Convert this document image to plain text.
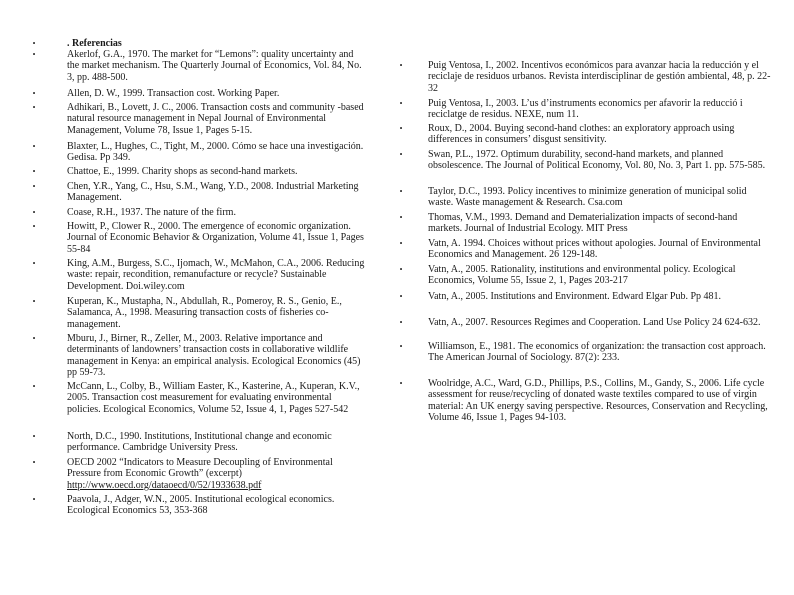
•	. Referencias
•	Akerlof, G.A., 1970. The market for “Lemons”: quality uncertainty and the market mechanism. The Quarterly Journal of Economics, Vol. 84, No. 3, pp. 488-500.
•	Allen, D. W., 1999. Transaction cost. Working Paper.
•	Adhikari, B., Lovett, J. C., 2006. Transaction costs and community -based natural resource management in Nepal Journal of Environmental Management, Volume 78, Issue 1, Pages 5-15.
•	Blaxter, L., Hughes, C., Tight, M., 2000. Cómo se hace una investigación. Gedisa. Pp 349.
•	Chattoe, E., 1999. Charity shops as second-hand markets.
•	Chen, Y.R., Yang, C., Hsu, S.M., Wang, Y.D., 2008. Industrial Marketing Management.
•	Coase, R.H., 1937. The nature of the firm.
•	Howitt, P., Clower R., 2000. The emergence of economic organization. Journal of Economic Behavior & Organization, Volume 41, Issue 1, Pages 55-84
•	King, A.M., Burgess, S.C., Ijomach, W., McMahon, C.A., 2006. Reducing waste: repair, recondition, remanufacture or recycle? Sustainable Development. Doi.wiley.com
•	Kuperan, K., Mustapha, N., Abdullah, R., Pomeroy, R. S., Genio, E., Salamanca, A., 1998. Measuring transaction costs of fisheries co-management.
•	Mburu, J., Birner, R., Zeller, M., 2003. Relative importance and determinants of landowners’ transaction costs in collaborative wildlife management in Kenya: an empirical analysis. Ecological Economics (45) pp 59-73.
•	McCann, L., Colby, B., William Easter, K., Kasterine, A., Kuperan, K.V., 2005. Transaction cost measurement for evaluating environmental policies. Ecological Economics, Volume 52, Issue 4, 1, Pages 527-542
•	North, D.C., 1990. Institutions, Institutional change and economic performance. Cambridge University Press.
•	OECD 2002 “Indicators to Measure Decoupling of Environmental Pressure from Economic Growth” (excerpt)
http://www.oecd.org/dataoecd/0/52/1933638.pdf
•	Paavola, J., Adger, W.N., 2005. Institutional ecological economics. Ecological Economics 53, 353-368
•	Puig Ventosa, I., 2002. Incentivos económicos para avanzar hacia la reducción y el reciclaje de residuos urbanos. Revista interdisciplinar de gestión ambiental, 48, p. 22-32
•	Puig Ventosa, I., 2003. L’us d’instruments economics per afavorir la reducció i reciclatge de residus. NEXE, num 11.
•	Roux, D., 2004. Buying second-hand clothes: an exploratory approach using differences in consumers’ disgust sensitivity.
•	Swan, P.L., 1972. Optimum durability, second-hand markets, and planned obsolescence. The Journal of Political Economy, Vol. 80, No. 3, Part 1. pp. 575-585.
•	Taylor, D.C., 1993. Policy incentives to minimize generation of municipal solid waste. Waste management & Research. Csa.com
•	Thomas, V.M., 1993. Demand and Dematerialization impacts of second-hand markets. Journal of Industrial Ecology. MIT Press
•	Vatn, A. 1994. Choices without prices without apologies. Journal of Environmental Economics and Management. 26 129-148.
•	Vatn, A., 2005. Rationality, institutions and environmental policy. Ecological Economics, Volume 55, Issue 2, 1, Pages 203-217
•	Vatn, A., 2005. Institutions and Environment. Edward Elgar Pub. Pp 481.
•	Vatn, A., 2007. Resources Regimes and Cooperation. Land Use Policy 24 624-632.
•	Williamson, E., 1981. The economics of organization: the transaction cost approach. The American Journal of Sociology. 87(2): 233.
•	Woolridge, A.C., Ward, G.D., Phillips, P.S., Collins, M., Gandy, S., 2006. Life cycle assessment for reuse/recycling of donated waste textiles compared to use of virgin material: An UK energy saving perspective. Resources, Conservation and Recycling, Volume 46, Issue 1, Pages 94-103.
